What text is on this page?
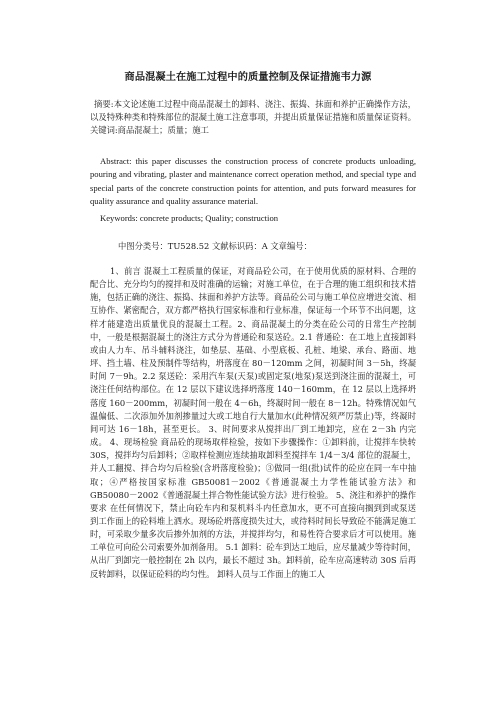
商品混凝土在施工过程中的质量控制及保证措施韦力源

摘要:本文论述施工过程中商品混凝土的卸料、浇注、振捣、抹面和养护正确操作方法，以及特殊种类和特殊部位的混凝土施工注意事项，并提出质量保证措施和质量保证资料。 关键词:商品混凝土；质量；施工

Abstract: this paper discusses the construction process of concrete products unloading, pouring and vibrating, plaster and maintenance correct operation method, and special type and special parts of the concrete construction points for attention, and puts forward measures for quality assurance and quality assurance material.

Keywords: concrete products; Quality; construction

中图分类号：TU528.52 文献标识码：A 文章编号：

1、前言 混凝土工程质量的保证，对商品砼公司，在于使用优质的原材料、合理的配合比、充分均匀的搅拌和及时准确的运输；对施工单位，在于合理的施工组织和技术措施，包括正确的浇注、振捣、抹面和养护方法等。商品砼公司与施工单位应增进交流、相互协作、紧密配合，双方都严格执行国家标准和行业标准，保证每一个环节不出问题，这样才能建造出质量优良的混凝土工程。2、商品混凝土的分类在砼公司的日常生产控制中，一般是根据混凝土的浇注方式分为普通砼和泵送砼。2.1 普通砼：在工地上直接卸料或由人力车、吊斗辅料浇注，如垫层、基础、小型底板、孔桩、地梁、承台、路面、地坪、挡土墙、柱及预制件等结构，坍落度在 80－120mm 之间，初凝时间 3－5h，终凝时间 7－9h。2.2 泵送砼：采用汽车泵(天泵)或固定泵(地泵)泵送到浇注面的混凝土，可浇注任何结构部位。在 12 层以下建议选择坍落度 140－160mm，在 12 层以上选择坍落度 160－200mm，初凝时间一般在 4－6h，终凝时间一般在 8－12h。特殊情况如气温偏低、二次添加外加剂掺量过大或工地自行大量加水(此种情况须严厉禁止)等，终凝时间可达 16－18h，甚至更长。 3、时间要求从搅拌出厂到工地卸完，应在 2－3h 内完成。 4、现场检验 商品砼的现场取样检验，按如下步骤操作：①卸料前，让搅拌车快转 30S，搅拌均匀后卸料；②取样检测应连续抽取卸料至搅拌车 1/4－3/4 部位的混凝土，并人工翻搅、拌合均匀后检验(含坍落度检验)；③做同一组(批)试件的砼应在同一车中抽取；④严格按国家标准 GB50081－2002《普通混凝土力学性能试验方法》和 GB50080－2002《普通混凝土拌合物性能试验方法》进行检验。 5、浇注和养护的操作要求 在任何情况下，禁止向砼车内和泵机料斗内任意加水，更不可直接向搁到到或泵送到工作面上的砼料堆上洒水。现场砼坍落度损失过大，或待料时间长导致砼不能满足施工时，可采取少量多次后掺外加剂的方法，并搅拌均匀，和易性符合要求后才可以使用。施工单位可向砼公司索要外加剂备用。 5.1 卸料：砼车到达工地后，应尽量减少等待时间，从出厂到卸完一般控制在 2h 以内，最长不超过 3h。卸料前，砼车应高速转动 30S 后再反转卸料，以保证砼料的均匀性。 卸料人员与工作面上的施工人
